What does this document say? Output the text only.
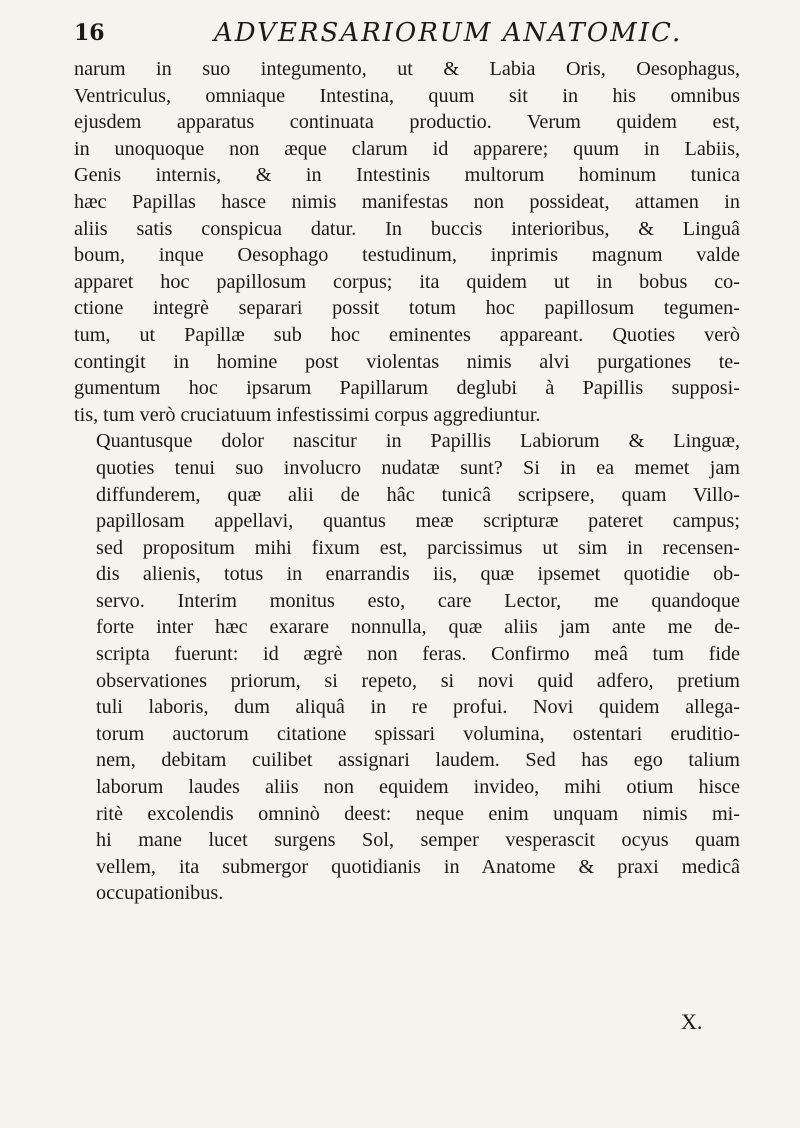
16	ADVERSARIORUM ANATOMIC.

narum in suo integumento, ut & Labia Oris, Oesophagus,
Ventriculus, omniaque Intestina, quum sit in his omnibus
ejusdem apparatus continuata productio. Verum quidem est,
in unoquoque non æque clarum id apparere; quum in Labiis,
Genis internis, & in Intestinis multorum hominum tunica
hæc Papillas hasce nimis manifestas non possideat, attamen in
aliis satis conspicua datur. In buccis interioribus, & Linguâ
boum, inque Oesophago testudinum, inprimis magnum valde
apparet hoc papillosum corpus; ita quidem ut in bobus co-
ctione integrè separari possit totum hoc papillosum tegumen-
tum, ut Papillæ sub hoc eminentes appareant. Quoties verò
contingit in homine post violentas nimis alvi purgationes te-
gumentum hoc ipsarum Papillarum deglubi à Papillis supposi-
tis, tum verò cruciatuum infestissimi corpus aggrediuntur.

Quantusque dolor nascitur in Papillis Labiorum & Linguæ,
quoties tenui suo involucro nudatæ sunt? Si in ea memet jam
diffunderem, quæ alii de hâc tunicâ scripsere, quam Villo-
papillosam appellavi, quantus meæ scripturæ pateret campus;
sed propositum mihi fixum est, parcissimus ut sim in recensen-
dis alienis, totus in enarrandis iis, quæ ipsemet quotidie ob-
servo. Interim monitus esto, care Lector, me quandoque
forte inter hæc exarare nonnulla, quæ aliis jam ante me de-
scripta fuerunt: id ægrè non feras. Confirmo meâ tum fide
observationes priorum, si repeto, si novi quid adfero, pretium
tuli laboris, dum aliquâ in re profui. Novi quidem allega-
torum auctorum citatione spissari volumina, ostentari eruditio-
nem, debitam cuilibet assignari laudem. Sed has ego talium
laborum laudes aliis non equidem invideo, mihi otium hisce
ritè excolendis omninò deest: neque enim unquam nimis mi-
hi mane lucet surgens Sol, semper vesperascit ocyus quam
vellem, ita submergor quotidianis in Anatome & praxi medicâ
occupationibus.

X.
